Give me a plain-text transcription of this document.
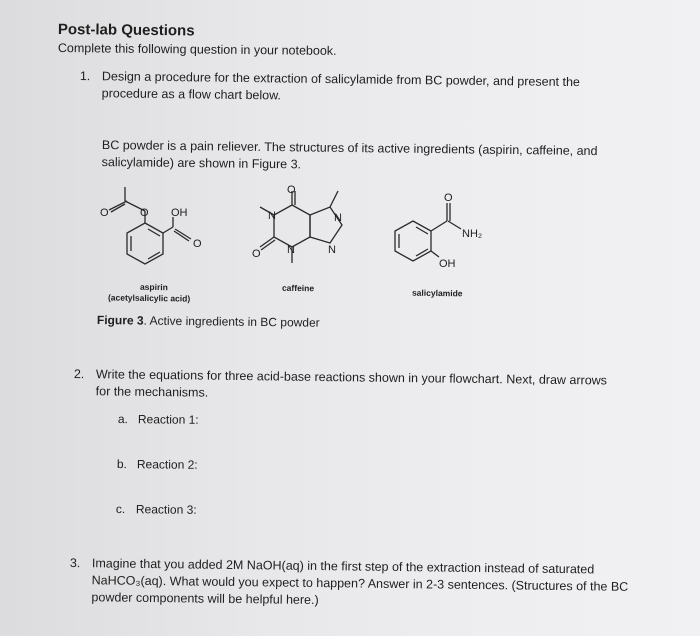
Post-lab Questions
Complete this following question in your notebook.
1. Design a procedure for the extraction of salicylamide from BC powder, and present the
procedure as a flow chart below.
BC powder is a pain reliever. The structures of its active ingredients (aspirin, caffeine, and
salicylamide) are shown in Figure 3.
O	O OH
O
O
O
N
N
N
N
O
NH₂
OH
aspirin
(acetylsalicylic acid)
caffeine	salicylamide
Figure 3. Active ingredients in BC powder
2. Write the equations for three acid-base reactions shown in your flowchart. Next, draw arrows
for the mechanisms.
a. Reaction 1:
b. Reaction 2:
c. Reaction 3:
3. Imagine that you added 2M NaOH(aq) in the first step of the extraction instead of saturated
NaHCO₃(aq). What would you expect to happen? Answer in 2-3 sentences. (Structures of the BC
powder components will be helpful here.)
